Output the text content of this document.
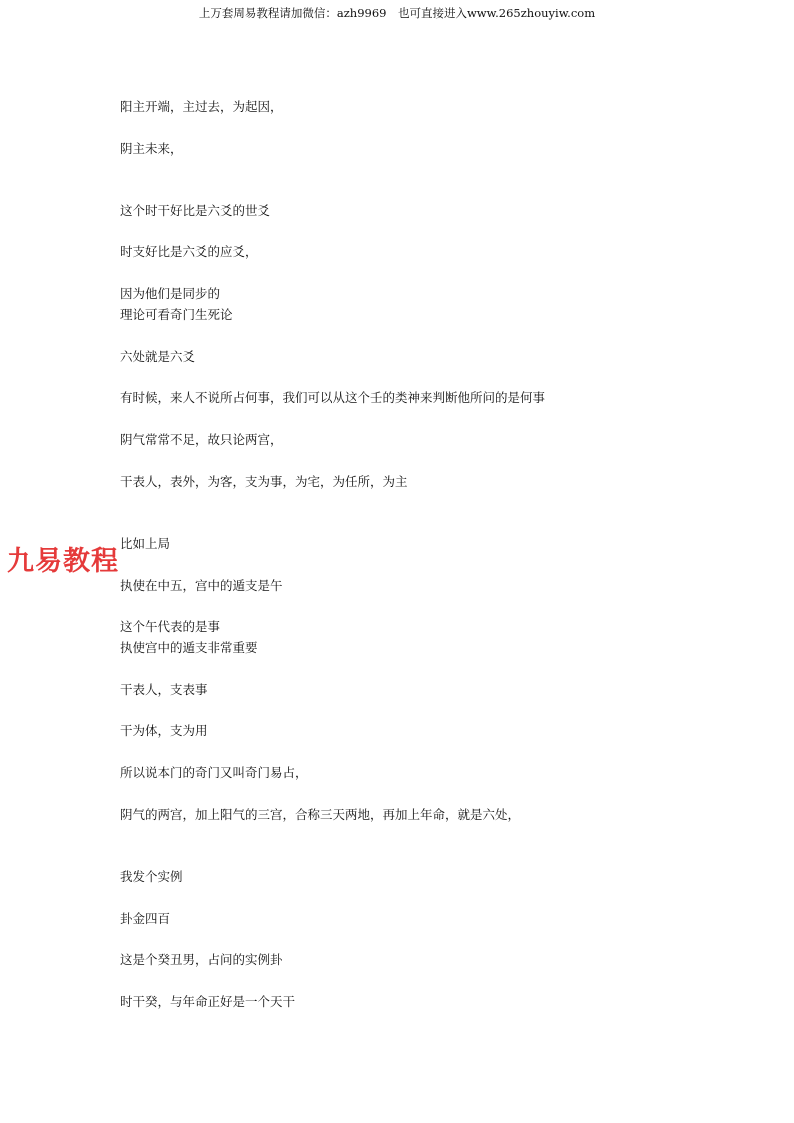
上万套周易教程请加微信：azh9969　也可直接进入www.265zhouyiw.com
阳主开端，主过去，为起因，
阴主未来，
这个时干好比是六爻的世爻
时支好比是六爻的应爻，
因为他们是同步的
理论可看奇门生死论
六处就是六爻
有时候，来人不说所占何事，我们可以从这个壬的类神来判断他所问的是何事
阴气常常不足，故只论两宫，
干表人，表外，为客，支为事，为宅，为任所，为主
比如上局
执使在中五，宫中的遁支是午
这个午代表的是事
执使宫中的遁支非常重要
干表人，支表事
干为体，支为用
所以说本门的奇门又叫奇门易占，
阴气的两宫，加上阳气的三宫，合称三天两地，再加上年命，就是六处，
我发个实例
卦金四百
这是个癸丑男，占问的实例卦
时干癸，与年命正好是一个天干
九易教程
